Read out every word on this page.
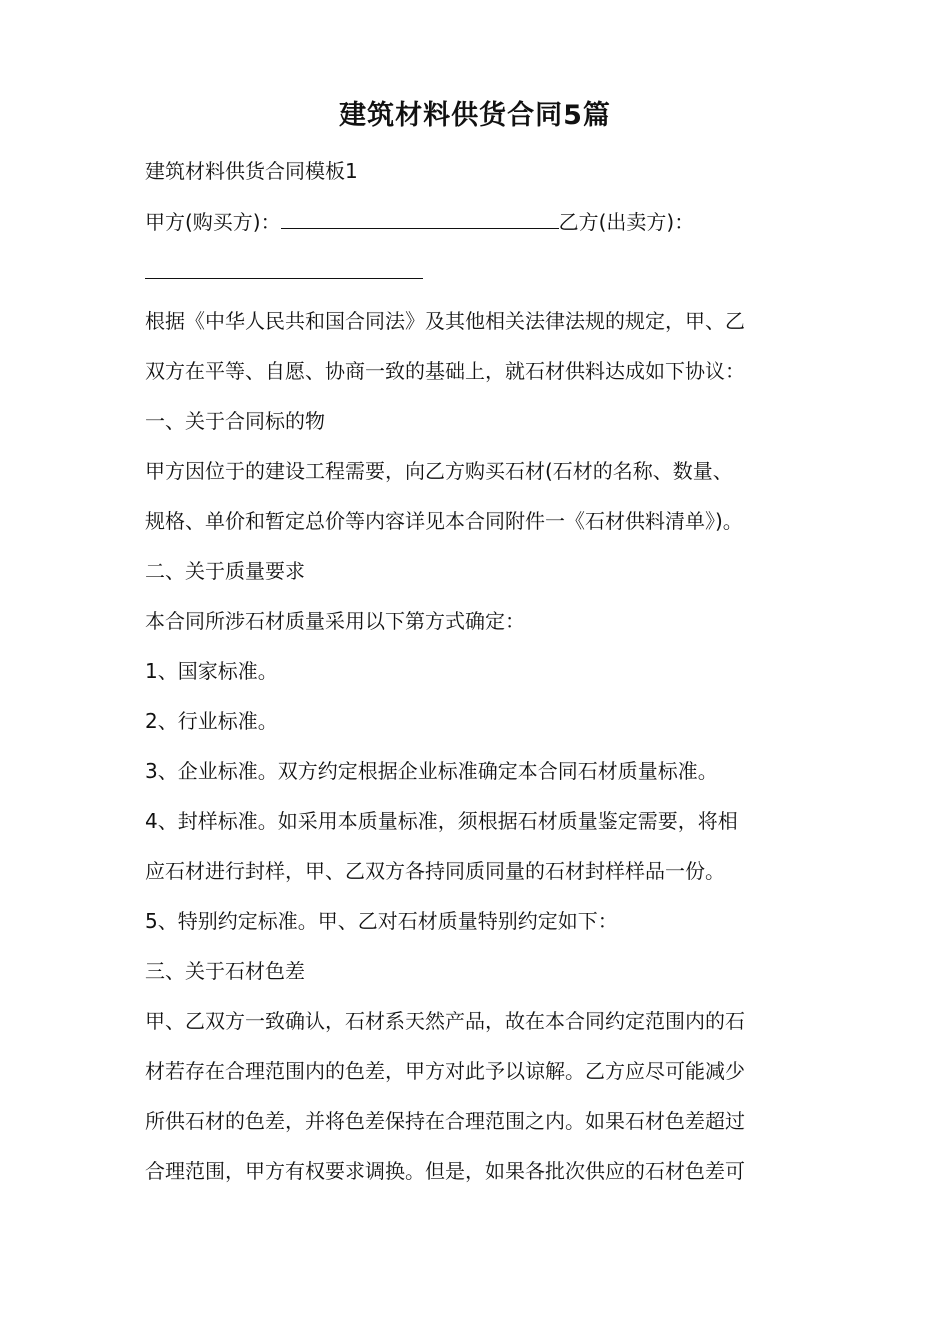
建筑材料供货合同5篇
建筑材料供货合同模板1
甲方(购买方)：	乙方(出卖方)：
根据《中华人民共和国合同法》及其他相关法律法规的规定，甲、乙
双方在平等、自愿、协商一致的基础上，就石材供料达成如下协议：
一、关于合同标的物
甲方因位于的建设工程需要，向乙方购买石材(石材的名称、数量、
规格、单价和暂定总价等内容详见本合同附件一《石材供料清单》)。
二、关于质量要求
本合同所涉石材质量采用以下第方式确定：
1、国家标准。
2、行业标准。
3、企业标准。双方约定根据企业标准确定本合同石材质量标准。
4、封样标准。如采用本质量标准，须根据石材质量鉴定需要，将相
应石材进行封样，甲、乙双方各持同质同量的石材封样样品一份。
5、特别约定标准。甲、乙对石材质量特别约定如下：
三、关于石材色差
甲、乙双方一致确认，石材系天然产品，故在本合同约定范围内的石
材若存在合理范围内的色差，甲方对此予以谅解。乙方应尽可能减少
所供石材的色差，并将色差保持在合理范围之内。如果石材色差超过
合理范围，甲方有权要求调换。但是，如果各批次供应的石材色差可
